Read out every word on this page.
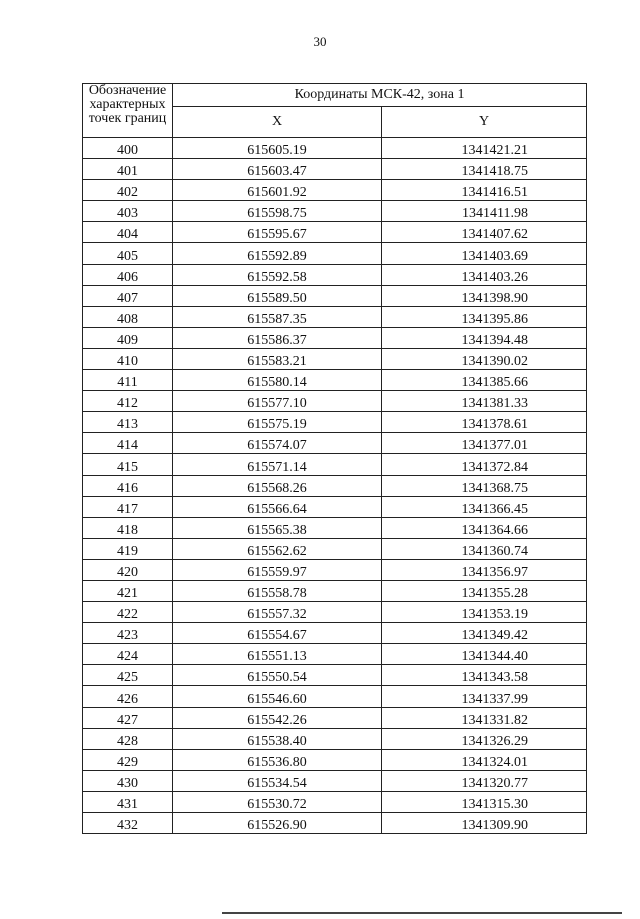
30
Обозначение характерных точек границ	Координаты МСК-42, зона 1	
	X	Y
400	615605.19	1341421.21
401	615603.47	1341418.75
402	615601.92	1341416.51
403	615598.75	1341411.98
404	615595.67	1341407.62
405	615592.89	1341403.69
406	615592.58	1341403.26
407	615589.50	1341398.90
408	615587.35	1341395.86
409	615586.37	1341394.48
410	615583.21	1341390.02
411	615580.14	1341385.66
412	615577.10	1341381.33
413	615575.19	1341378.61
414	615574.07	1341377.01
415	615571.14	1341372.84
416	615568.26	1341368.75
417	615566.64	1341366.45
418	615565.38	1341364.66
419	615562.62	1341360.74
420	615559.97	1341356.97
421	615558.78	1341355.28
422	615557.32	1341353.19
423	615554.67	1341349.42
424	615551.13	1341344.40
425	615550.54	1341343.58
426	615546.60	1341337.99
427	615542.26	1341331.82
428	615538.40	1341326.29
429	615536.80	1341324.01
430	615534.54	1341320.77
431	615530.72	1341315.30
432	615526.90	1341309.90
